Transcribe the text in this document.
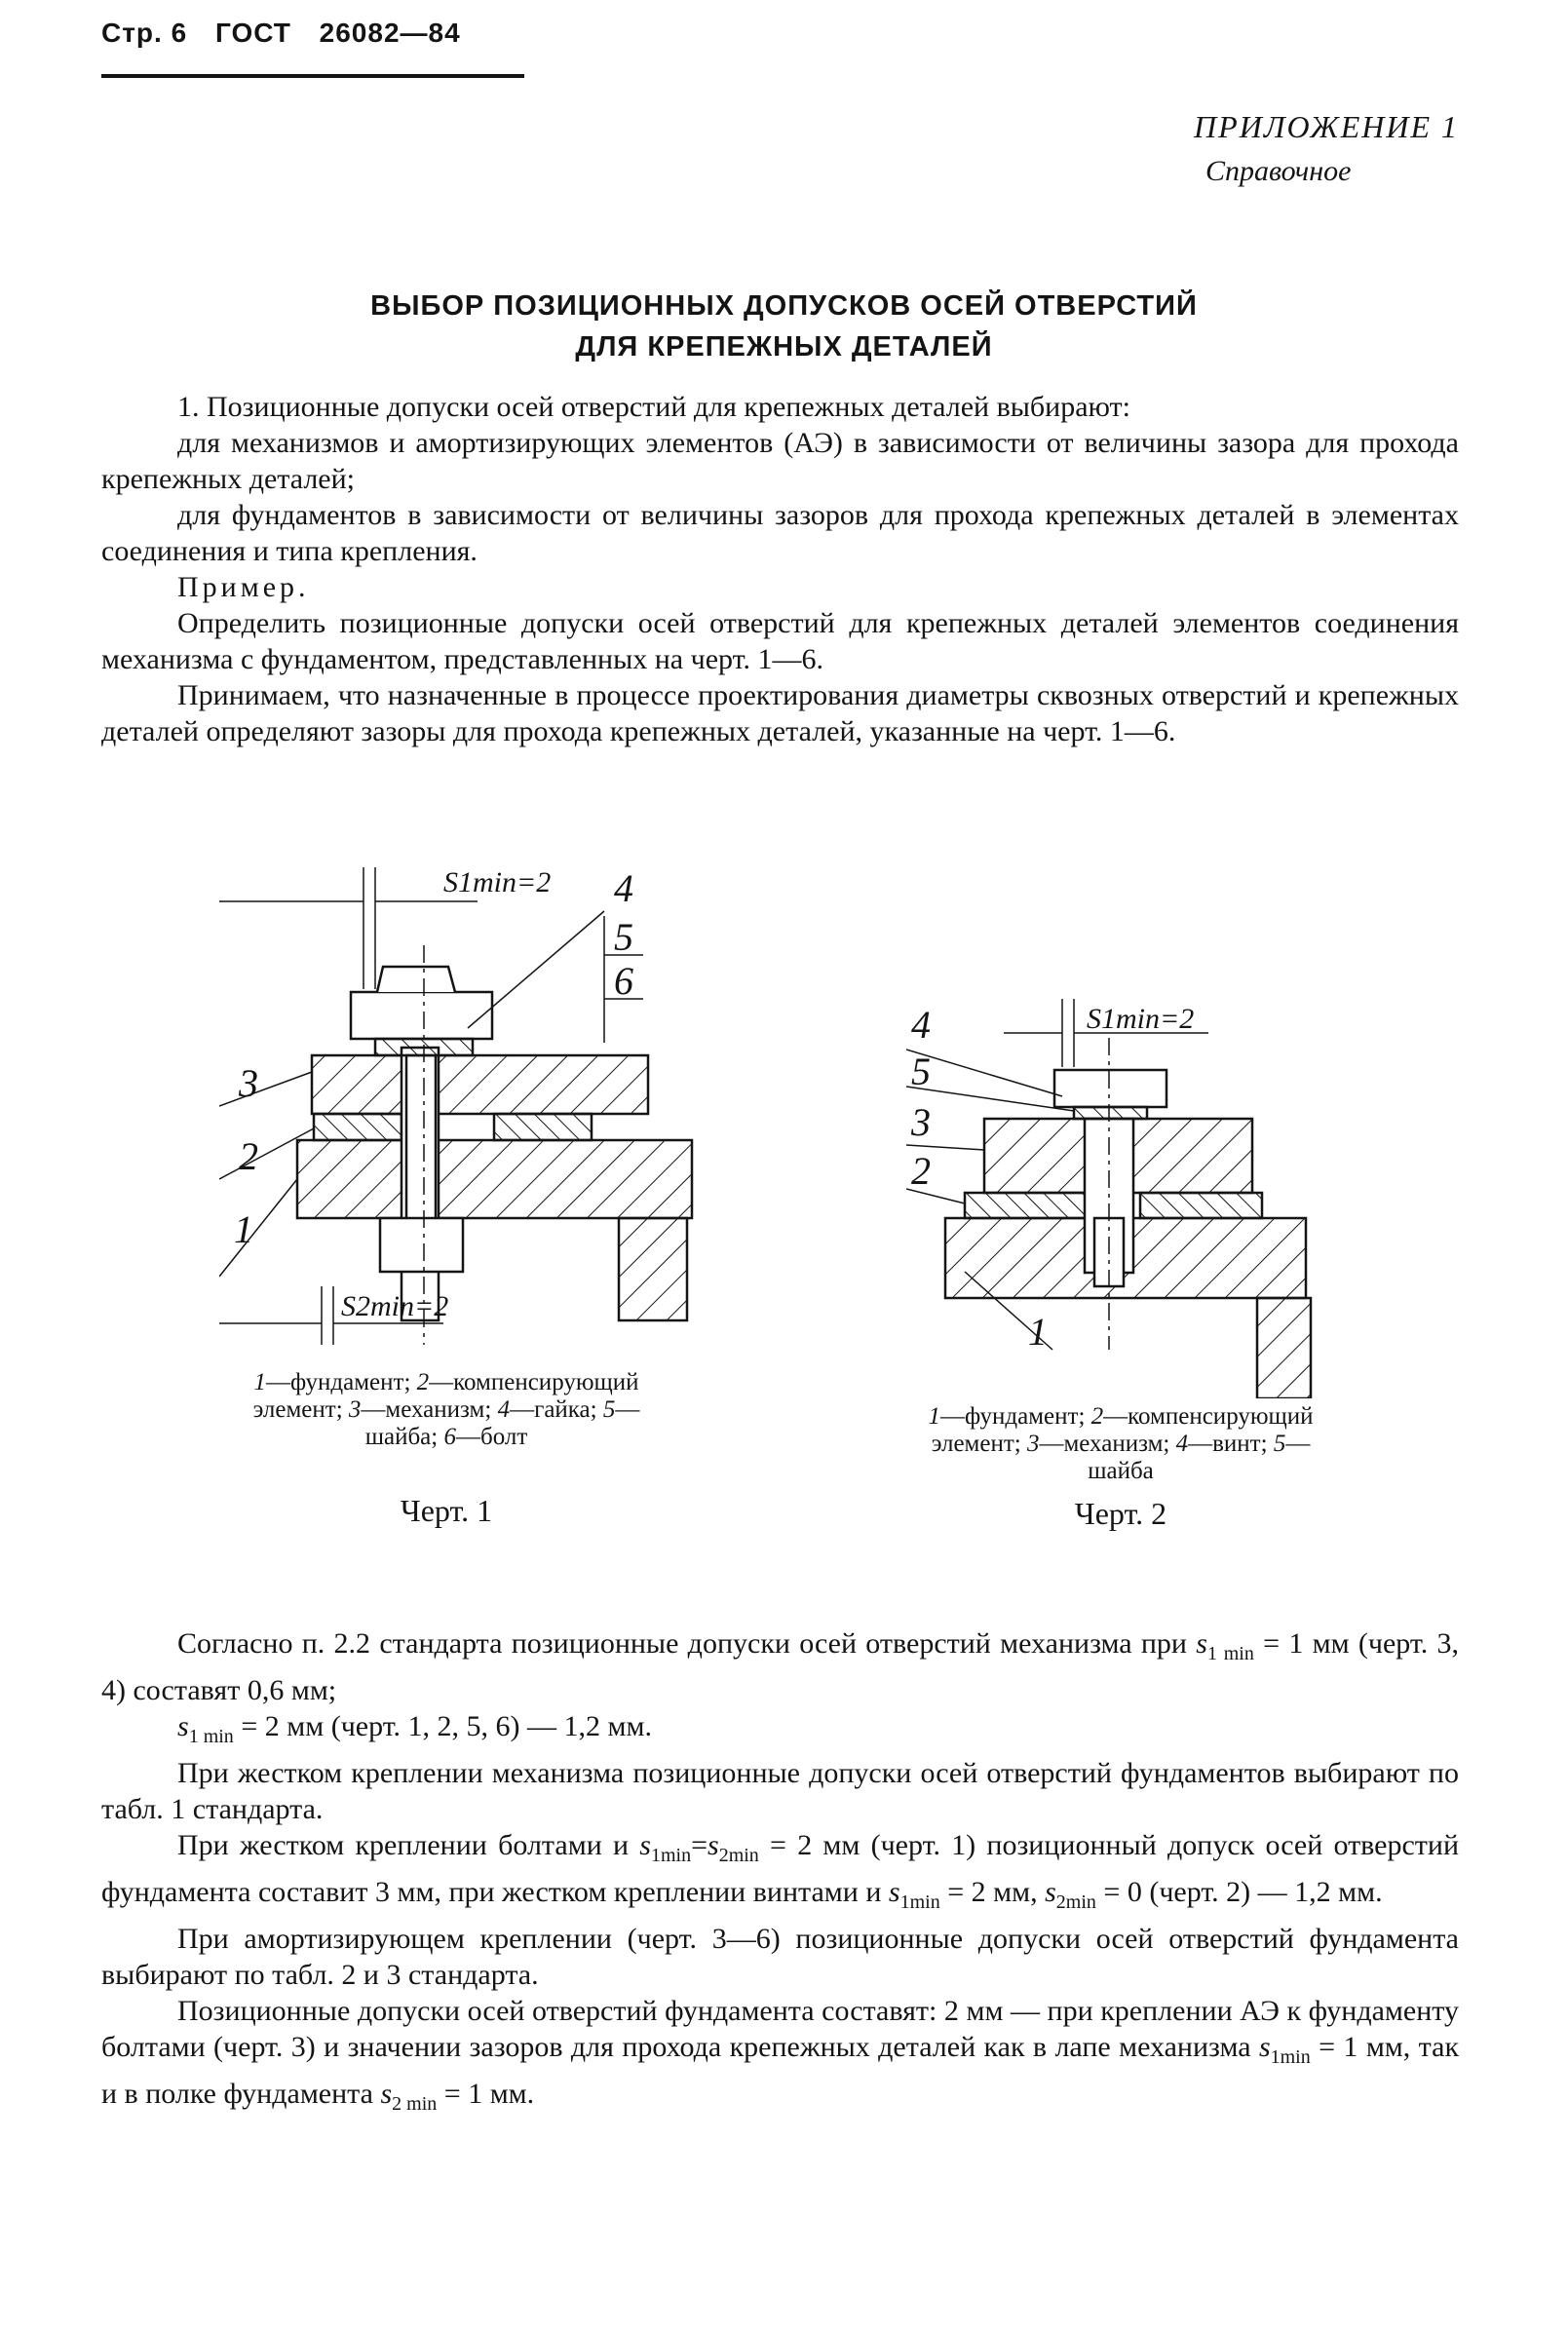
Стр. 6 ГОСТ 26082—84
ПРИЛОЖЕНИЕ 1
Справочное
ВЫБОР ПОЗИЦИОННЫХ ДОПУСКОВ ОСЕЙ ОТВЕРСТИЙ
ДЛЯ КРЕПЕЖНЫХ ДЕТАЛЕЙ

1. Позиционные допуски осей отверстий для крепежных деталей выбирают:

для механизмов и амортизирующих элементов (АЭ) в зависимости от величины зазора для прохода крепежных деталей;

для фундаментов в зависимости от величины зазоров для прохода крепежных деталей в элементах соединения и типа крепления.

Пример.

Определить позиционные допуски осей отверстий для крепежных деталей элементов соединения механизма с фундаментом, представленных на черт. 1—6.

Принимаем, что назначенные в процессе проектирования диаметры сквозных отверстий и крепежных деталей определяют зазоры для прохода крепежных деталей, указанные на черт. 1—6.

S1min=2
S2min=2
3
2
1
4
5
6
1—фундамент; 2—компенсирующий элемент; 3—механизм; 4—гайка; 5—шайба; 6—болт
Черт. 1
S1min=2
4
5
3
2
1
1—фундамент; 2—компенсирующий элемент; 3—механизм; 4—винт; 5—шайба
Черт. 2

Согласно п. 2.2 стандарта позиционные допуски осей отверстий механизма при $s_{1 min} = 1$ мм (черт. 3, 4) составят 0,6 мм;

$s_{1 min} = 2$ мм (черт. 1, 2, 5, 6) — 1,2 мм.

При жестком креплении механизма позиционные допуски осей отверстий фундаментов выбирают по табл. 1 стандарта.

При жестком креплении болтами и $s_{1min}=s_{2min} = 2$ мм (черт. 1) позиционный допуск осей отверстий фундамента составит 3 мм, при жестком креплении винтами и $s_{1min} = 2$ мм, $s_{2min} = 0$ (черт. 2) — 1,2 мм.

При амортизирующем креплении (черт. 3—6) позиционные допуски осей отверстий фундамента выбирают по табл. 2 и 3 стандарта.

Позиционные допуски осей отверстий фундамента составят: 2 мм — при креплении АЭ к фундаменту болтами (черт. 3) и значении зазоров для прохода крепежных деталей как в лапе механизма $s_{1min} = 1$ мм, так и в полке фундамента $s_{2 min} = 1$ мм.
